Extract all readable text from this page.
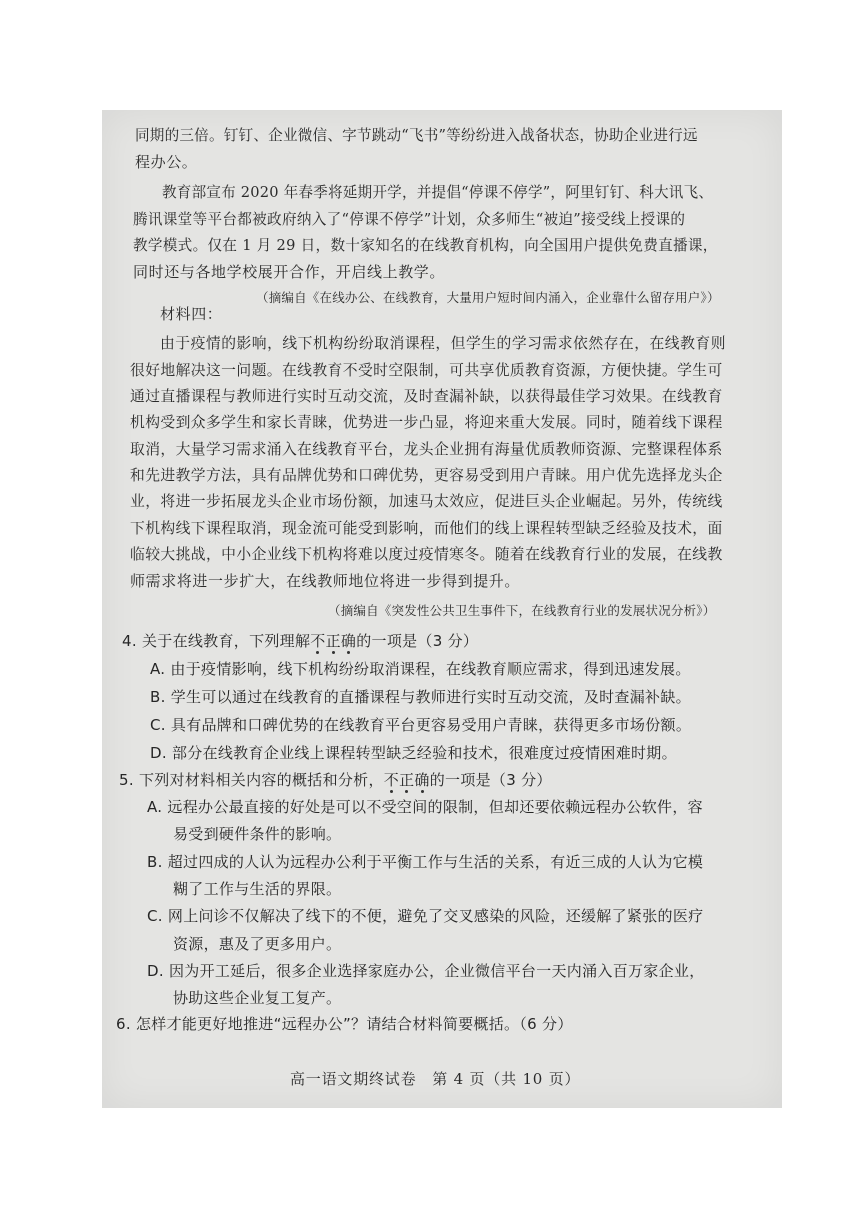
同期的三倍。钉钉、企业微信、字节跳动“飞书”等纷纷进入战备状态，协助企业进行远
程办公。
教育部宣布 2020 年春季将延期开学，并提倡“停课不停学”，阿里钉钉、科大讯飞、
腾讯课堂等平台都被政府纳入了“停课不停学”计划，众多师生“被迫”接受线上授课的
教学模式。仅在 1 月 29 日，数十家知名的在线教育机构，向全国用户提供免费直播课，
同时还与各地学校展开合作，开启线上教学。
（摘编自《在线办公、在线教育，大量用户短时间内涌入，企业靠什么留存用户》）
材料四：
由于疫情的影响，线下机构纷纷取消课程，但学生的学习需求依然存在，在线教育则
很好地解决这一问题。在线教育不受时空限制，可共享优质教育资源，方便快捷。学生可
通过直播课程与教师进行实时互动交流，及时查漏补缺，以获得最佳学习效果。在线教育
机构受到众多学生和家长青睐，优势进一步凸显，将迎来重大发展。同时，随着线下课程
取消，大量学习需求涌入在线教育平台，龙头企业拥有海量优质教师资源、完整课程体系
和先进教学方法，具有品牌优势和口碑优势，更容易受到用户青睐。用户优先选择龙头企
业，将进一步拓展龙头企业市场份额，加速马太效应，促进巨头企业崛起。另外，传统线
下机构线下课程取消，现金流可能受到影响，而他们的线上课程转型缺乏经验及技术，面
临较大挑战，中小企业线下机构将难以度过疫情寒冬。随着在线教育行业的发展，在线教
师需求将进一步扩大，在线教师地位将进一步得到提升。
（摘编自《突发性公共卫生事件下，在线教育行业的发展状况分析》）
4. 关于在线教育，下列理解不正确的一项是（3 分）
A. 由于疫情影响，线下机构纷纷取消课程，在线教育顺应需求，得到迅速发展。
B. 学生可以通过在线教育的直播课程与教师进行实时互动交流，及时查漏补缺。
C. 具有品牌和口碑优势的在线教育平台更容易受用户青睐，获得更多市场份额。
D. 部分在线教育企业线上课程转型缺乏经验和技术，很难度过疫情困难时期。
5. 下列对材料相关内容的概括和分析，不正确的一项是（3 分）
A. 远程办公最直接的好处是可以不受空间的限制，但却还要依赖远程办公软件，容
易受到硬件条件的影响。
B. 超过四成的人认为远程办公利于平衡工作与生活的关系，有近三成的人认为它模
糊了工作与生活的界限。
C. 网上问诊不仅解决了线下的不便，避免了交叉感染的风险，还缓解了紧张的医疗
资源，惠及了更多用户。
D. 因为开工延后，很多企业选择家庭办公，企业微信平台一天内涌入百万家企业，
协助这些企业复工复产。
6. 怎样才能更好地推进“远程办公”？请结合材料简要概括。（6 分）
高一语文期终试卷　第 4 页（共 10 页）
